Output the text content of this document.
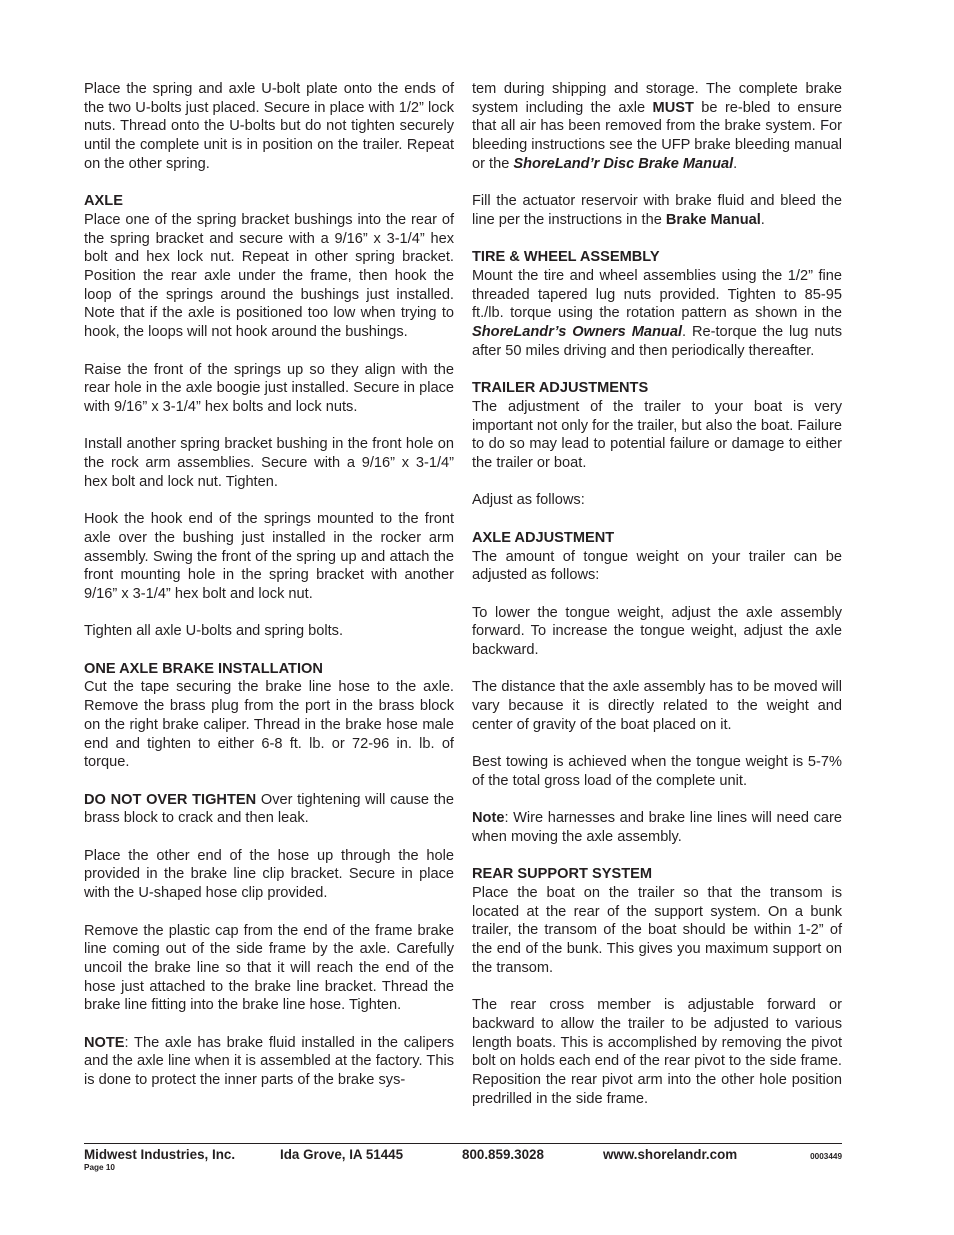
Place the spring and axle U-bolt plate onto the ends of the two U-bolts just placed. Secure in place with 1/2” lock nuts. Thread onto the U-bolts but do not tighten securely until the complete unit is in position on the trailer. Repeat on the other spring.

AXLE

Place one of the spring bracket bushings into the rear of the spring bracket and secure with a 9/16” x 3-1/4” hex bolt and hex lock nut. Repeat in other spring bracket. Position the rear axle under the frame, then hook the loop of the springs around the bushings just installed. Note that if the axle is positioned too low when trying to hook, the loops will not hook around the bushings.

Raise the front of the springs up so they align with the rear hole in the axle boogie just installed. Secure in place with 9/16” x 3-1/4” hex bolts and lock nuts.

Install another spring bracket bushing in the front hole on the rock arm assemblies. Secure with a 9/16” x 3-1/4” hex bolt and lock nut. Tighten.

Hook the hook end of the springs mounted to the front axle over the bushing just installed in the rocker arm assembly. Swing the front of the spring up and attach the front mounting hole in the spring bracket with another 9/16” x 3-1/4” hex bolt and lock nut.

Tighten all axle U-bolts and spring bolts.

ONE AXLE BRAKE INSTALLATION

Cut the tape securing the brake line hose to the axle. Remove the brass plug from the port in the brass block on the right brake caliper. Thread in the brake hose male end and tighten to either 6-8 ft. lb. or 72-96 in. lb. of torque.

DO NOT OVER TIGHTEN Over tightening will cause the brass block to crack and then leak.

Place the other end of the hose up through the hole provided in the brake line clip bracket. Secure in place with the U-shaped hose clip provided.

Remove the plastic cap from the end of the frame brake line coming out of the side frame by the axle. Carefully uncoil the brake line so that it will reach the end of the hose just attached to the brake line bracket. Thread the brake line fitting into the brake line hose. Tighten.

NOTE: The axle has brake fluid installed in the calipers and the axle line when it is assembled at the factory. This is done to protect the inner parts of the brake sys-

tem during shipping and storage. The complete brake system including the axle MUST be re-bled to ensure that all air has been removed from the brake system. For bleeding instructions see the UFP brake bleeding manual or the ShoreLand’r Disc Brake Manual.

Fill the actuator reservoir with brake fluid and bleed the line per the instructions in the Brake Manual.

TIRE & WHEEL ASSEMBLY

Mount the tire and wheel assemblies using the 1/2” fine threaded tapered lug nuts provided. Tighten to 85-95 ft./lb. torque using the rotation pattern as shown in the ShoreLandr’s Owners Manual. Re-torque the lug nuts after 50 miles driving and then periodically thereafter.

TRAILER ADJUSTMENTS

The adjustment of the trailer to your boat is very important not only for the trailer, but also the boat. Failure to do so may lead to potential failure or damage to either the trailer or boat.

Adjust as follows:

AXLE ADJUSTMENT

The amount of tongue weight on your trailer can be adjusted as follows:

To lower the tongue weight, adjust the axle assembly forward. To increase the tongue weight, adjust the axle backward.

The distance that the axle assembly has to be moved will vary because it is directly related to the weight and center of gravity of the boat placed on it.

Best towing is achieved when the tongue weight is 5-7% of the total gross load of the complete unit.

Note: Wire harnesses and brake line lines will need care when moving the axle assembly.

REAR SUPPORT SYSTEM

Place the boat on the trailer so that the transom is located at the rear of the support system. On a bunk trailer, the transom of the boat should be within 1-2” of the end of the bunk. This gives you maximum support on the transom.

The rear cross member is adjustable forward or backward to allow the trailer to be adjusted to various length boats. This is accomplished by removing the pivot bolt on holds each end of the rear pivot to the side frame. Reposition the rear pivot arm into the other hole position predrilled in the side frame.

Midwest Industries, Inc.	Ida Grove, IA 51445	800.859.3028	www.shorelandr.com	0003449
Page 10
